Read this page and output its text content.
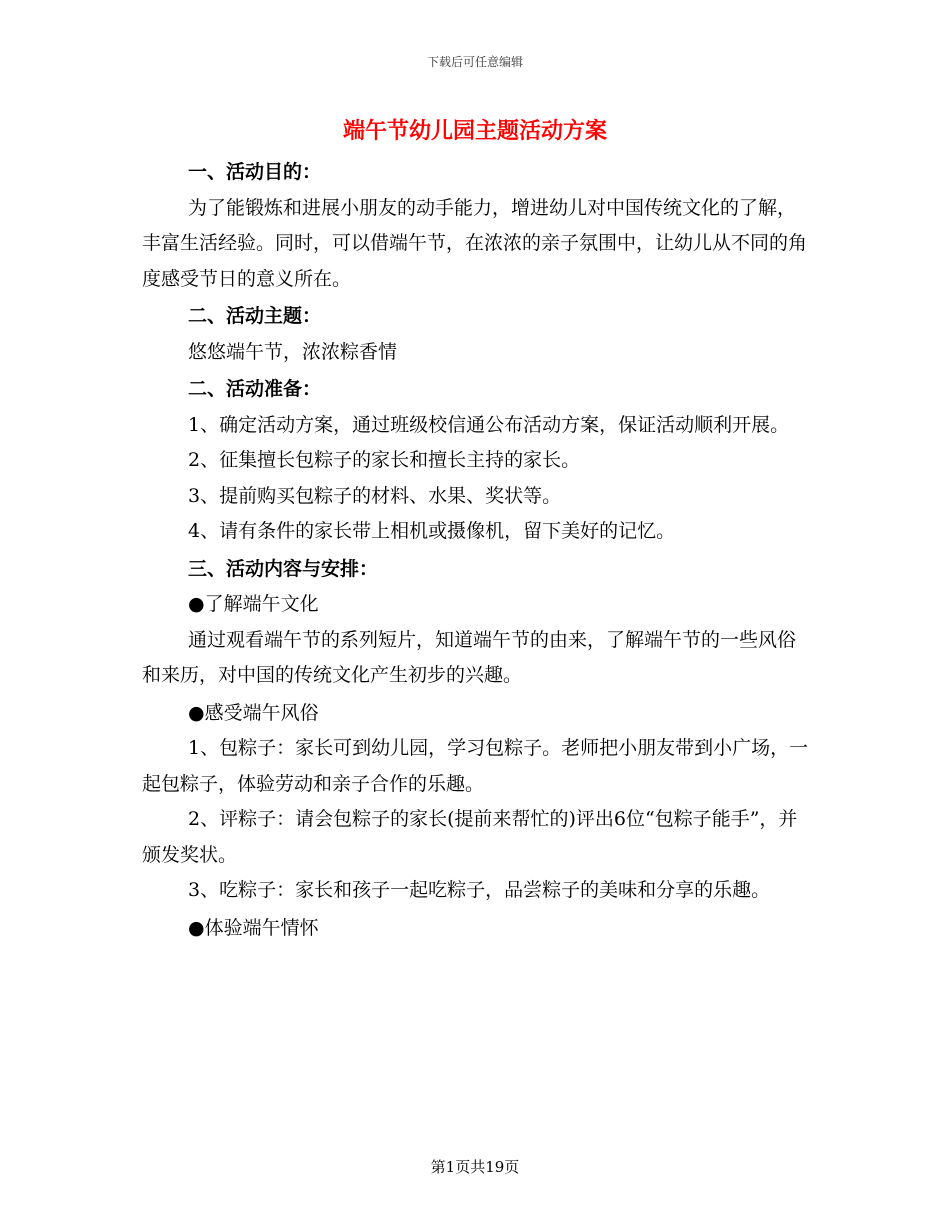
下载后可任意编辑
端午节幼儿园主题活动方案

一、活动目的：

为了能锻炼和进展小朋友的动手能力，增进幼儿对中国传统文化的了解，丰富生活经验。同时，可以借端午节，在浓浓的亲子氛围中，让幼儿从不同的角度感受节日的意义所在。

二、活动主题：

悠悠端午节，浓浓粽香情

二、活动准备：

1、确定活动方案，通过班级校信通公布活动方案，保证活动顺利开展。

2、征集擅长包粽子的家长和擅长主持的家长。

3、提前购买包粽子的材料、水果、奖状等。

4、请有条件的家长带上相机或摄像机，留下美好的记忆。

三、活动内容与安排：

●了解端午文化

通过观看端午节的系列短片，知道端午节的由来，了解端午节的一些风俗和来历，对中国的传统文化产生初步的兴趣。

●感受端午风俗

1、包粽子：家长可到幼儿园，学习包粽子。老师把小朋友带到小广场，一起包粽子，体验劳动和亲子合作的乐趣。

2、评粽子：请会包粽子的家长(提前来帮忙的)评出6位“包粽子能手”，并颁发奖状。

3、吃粽子：家长和孩子一起吃粽子，品尝粽子的美味和分享的乐趣。

●体验端午情怀

第1页共19页
